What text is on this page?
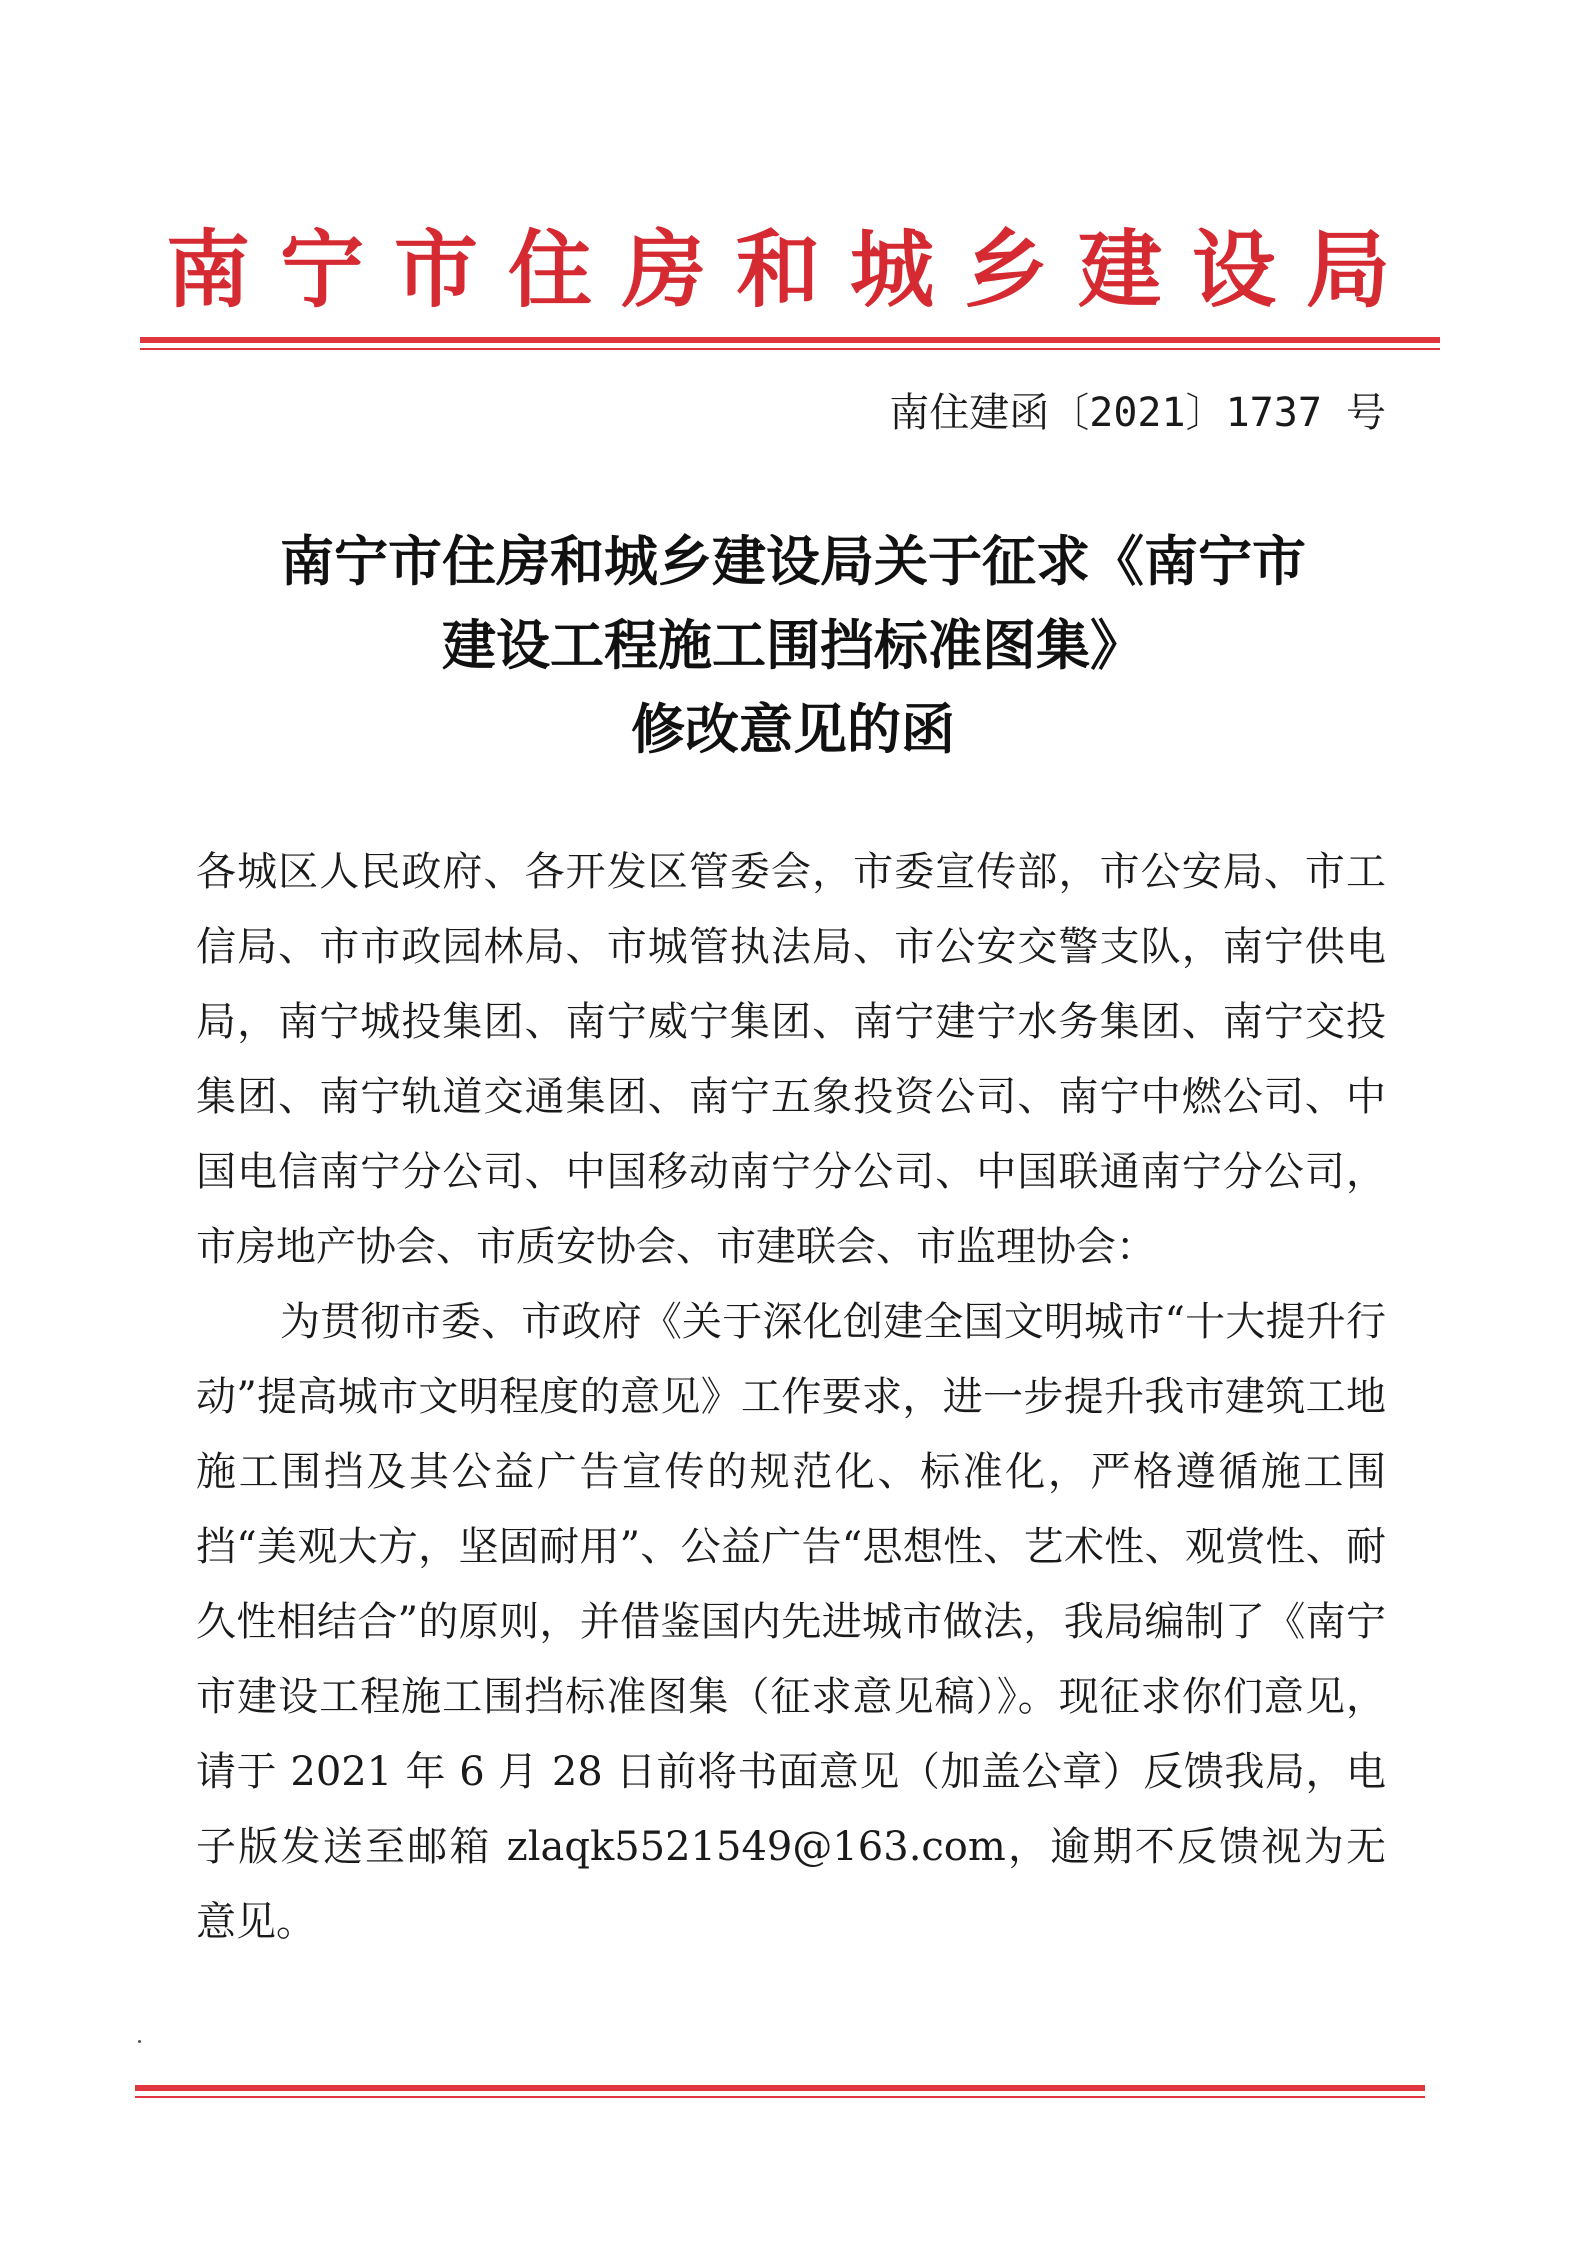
南宁市住房和城乡建设局
南住建函〔2021〕1737 号
南宁市住房和城乡建设局关于征求《南宁市
建设工程施工围挡标准图集》
修改意见的函

各城区人民政府、各开发区管委会，市委宣传部，市公安局、市工信局、市市政园林局、市城管执法局、市公安交警支队，南宁供电局，南宁城投集团、南宁威宁集团、南宁建宁水务集团、南宁交投集团、南宁轨道交通集团、南宁五象投资公司、南宁中燃公司、中国电信南宁分公司、中国移动南宁分公司、中国联通南宁分公司，市房地产协会、市质安协会、市建联会、市监理协会：

为贯彻市委、市政府《关于深化创建全国文明城市“十大提升行动”提高城市文明程度的意见》工作要求，进一步提升我市建筑工地施工围挡及其公益广告宣传的规范化、标准化，严格遵循施工围挡“美观大方，坚固耐用”、公益广告“思想性、艺术性、观赏性、耐久性相结合”的原则，并借鉴国内先进城市做法，我局编制了《南宁市建设工程施工围挡标准图集（征求意见稿）》。现征求你们意见，请于 2021 年 6 月 28 日前将书面意见（加盖公章）反馈我局，电子版发送至邮箱 zlaqk5521549@163.com，逾期不反馈视为无意见。
